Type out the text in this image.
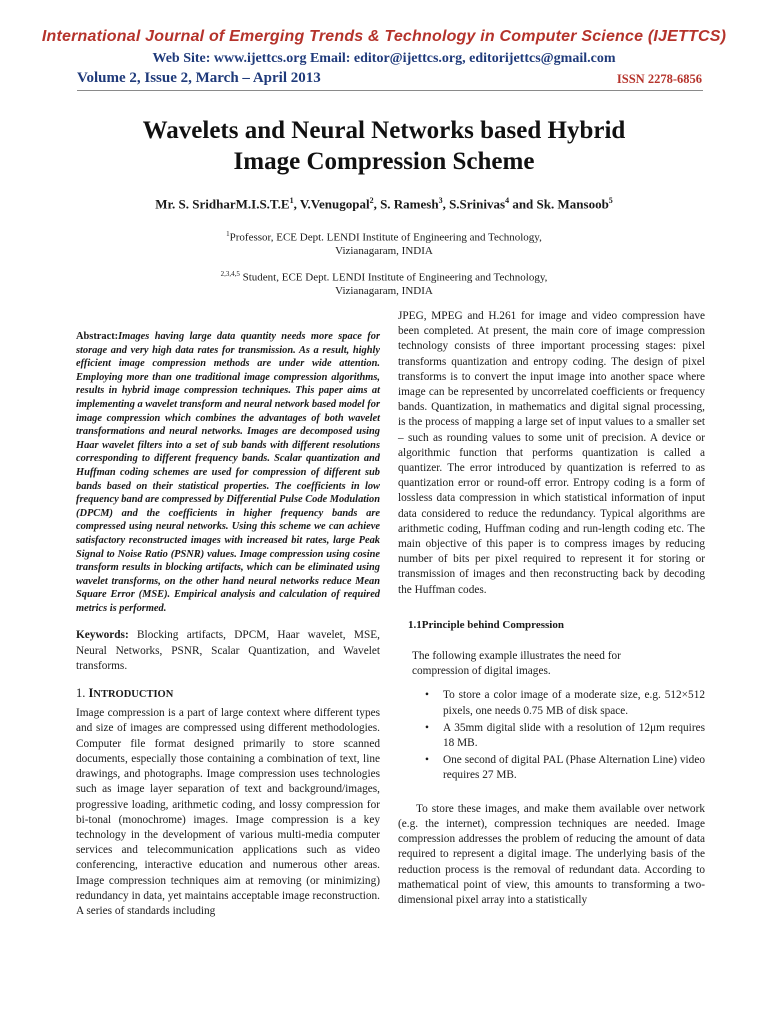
International Journal of Emerging Trends & Technology in Computer Science (IJETTCS)
Web Site: www.ijettcs.org Email: editor@ijettcs.org, editorijettcs@gmail.com
Volume 2, Issue 2, March – April 2013	ISSN 2278-6856
Wavelets and Neural Networks based Hybrid
Image Compression Scheme
Mr. S. $SridharM.I.S.T.E^1$, V.Venugopal$^2$, S. Ramesh$^3$, S.Srinivas$^4$ and Sk. Mansoob$^5$
$^1$Professor, ECE Dept. LENDI Institute of Engineering and Technology,
Vizianagaram, INDIA
$^{2,3,4,5}$ Student, ECE Dept. LENDI Institute of Engineering and Technology,
Vizianagaram, INDIA

Abstract:Images having large data quantity needs more space for storage and very high data rates for transmission. As a result, highly efficient image compression methods are under wide attention. Employing more than one traditional image compression algorithms, results in hybrid image compression techniques. This paper aims at implementing a wavelet transform and neural network based model for image compression which combines the advantages of both wavelet transformations and neural networks. Images are decomposed using Haar wavelet filters into a set of sub bands with different resolutions corresponding to different frequency bands. Scalar quantization and Huffman coding schemes are used for compression of different sub bands based on their statistical properties. The coefficients in low frequency band are compressed by Differential Pulse Code Modulation (DPCM) and the coefficients in higher frequency bands are compressed using neural networks. Using this scheme we can achieve satisfactory reconstructed images with increased bit rates, large Peak Signal to Noise Ratio (PSNR) values. Image compression using cosine transform results in blocking artifacts, which can be eliminated using wavelet transforms, on the other hand neural networks reduce Mean Square Error (MSE). Empirical analysis and calculation of required metrics is performed.

Keywords: Blocking artifacts, DPCM, Haar wavelet, MSE, Neural Networks, PSNR, Scalar Quantization, and Wavelet transforms.

1. INTRODUCTION

Image compression is a part of large context where different types and size of images are compressed using different methodologies. Computer file format designed primarily to store scanned documents, especially those containing a combination of text, line drawings, and photographs. Image compression uses technologies such as image layer separation of text and background/images, progressive loading, arithmetic coding, and lossy compression for bi-tonal (monochrome) images. Image compression is a key technology in the development of various multi-media computer services and telecommunication applications such as video conferencing, interactive education and numerous other areas. Image compression techniques aim at removing (or minimizing) redundancy in data, yet maintains acceptable image reconstruction. A series of standards including

JPEG, MPEG and H.261 for image and video compression have been completed. At present, the main core of image compression technology consists of three important processing stages: pixel transforms quantization and entropy coding. The design of pixel transforms is to convert the input image into another space where image can be represented by uncorrelated coefficients or frequency bands. Quantization, in mathematics and digital signal processing, is the process of mapping a large set of input values to a smaller set – such as rounding values to some unit of precision. A device or algorithmic function that performs quantization is called a quantizer. The error introduced by quantization is referred to as quantization error or round-off error. Entropy coding is a form of lossless data compression in which statistical information of input data considered to reduce the redundancy. Typical algorithms are arithmetic coding, Huffman coding and run-length coding etc. The main objective of this paper is to compress images by reducing number of bits per pixel required to represent it for storing or transmission of images and then reconstructing back by decoding the Huffman codes.

1.1Principle behind Compression

The following example illustrates the need for compression of digital images.

• To store a color image of a moderate size, e.g. 512×512 pixels, one needs 0.75 MB of disk space.
• A 35mm digital slide with a resolution of 12μm requires 18 MB.
• One second of digital PAL (Phase Alternation Line) video requires 27 MB.

To store these images, and make them available over network (e.g. the internet), compression techniques are needed. Image compression addresses the problem of reducing the amount of data required to represent a digital image. The underlying basis of the reduction process is the removal of redundant data. According to mathematical point of view, this amounts to transforming a two-dimensional pixel array into a statistically
